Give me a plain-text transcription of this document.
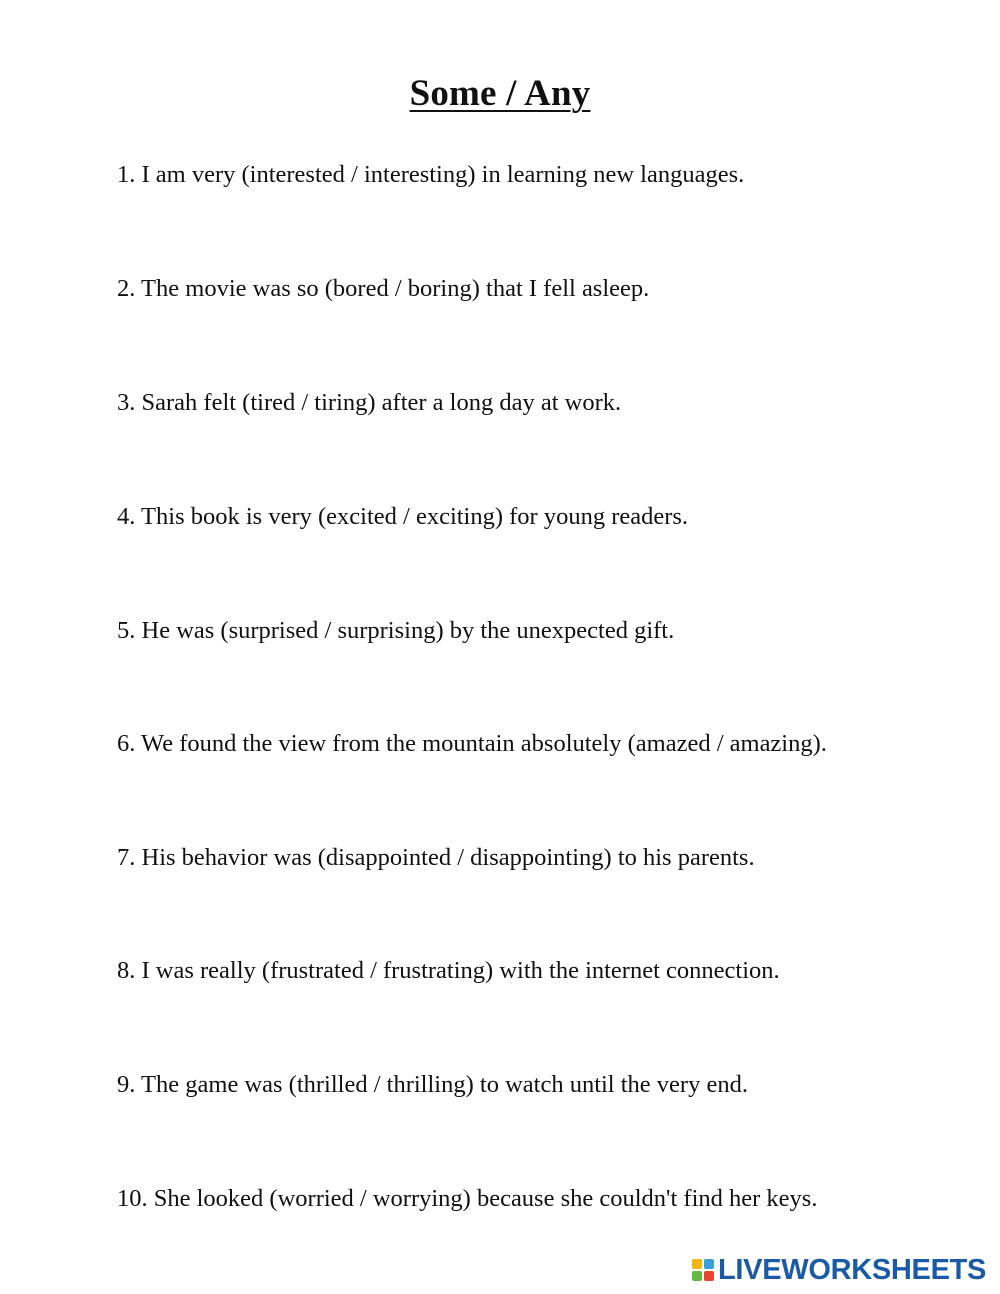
Some / Any
1. I am very (interested / interesting) in learning new languages.
2. The movie was so (bored / boring) that I fell asleep.
3. Sarah felt (tired / tiring) after a long day at work.
4. This book is very (excited / exciting) for young readers.
5. He was (surprised / surprising) by the unexpected gift.
6. We found the view from the mountain absolutely (amazed / amazing).
7. His behavior was (disappointed / disappointing) to his parents.
8. I was really (frustrated / frustrating) with the internet connection.
9. The game was (thrilled / thrilling) to watch until the very end.
10. She looked (worried / worrying) because she couldn't find her keys.
LIVEWORKSHEETS
